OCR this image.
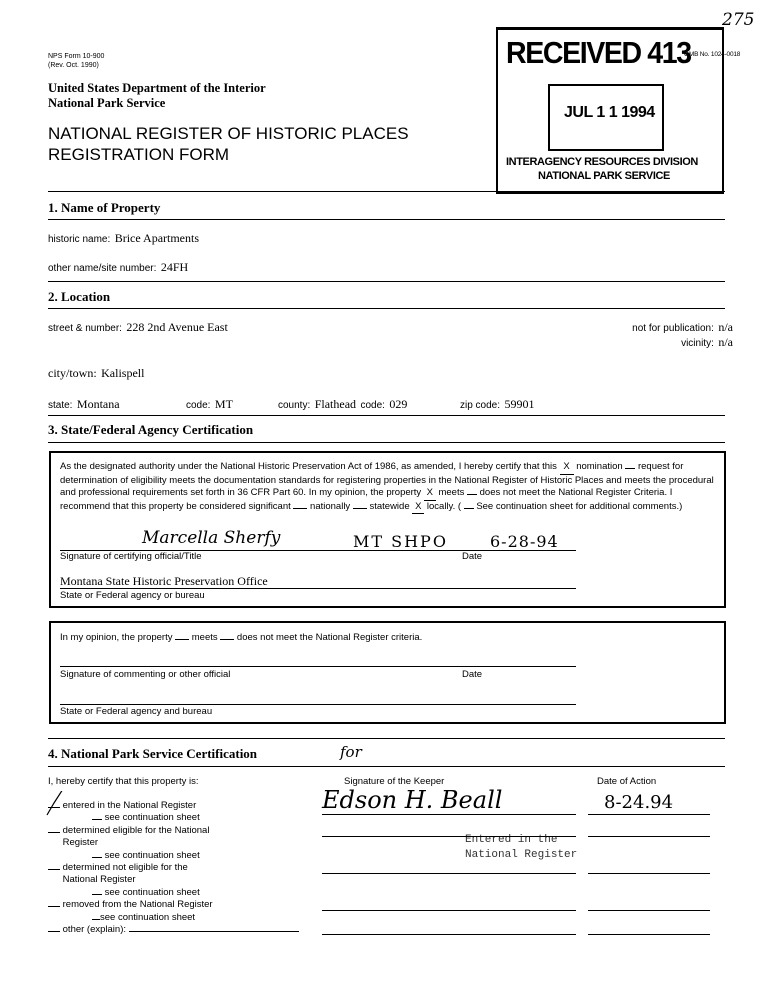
NPS Form 10-900
(Rev. Oct. 1990)
United States Department of the Interior
National Park Service
NATIONAL REGISTER OF HISTORIC PLACES
REGISTRATION FORM
275
OMB No. 1024-0018
RECEIVED 413
JUL 1 1 1994
INTERAGENCY RESOURCES DIVISION
NATIONAL PARK SERVICE
1. Name of Property
historic name: Brice Apartments
other name/site number: 24FH
2. Location
street & number: 228 2nd Avenue East	not for publication: n/a
vicinity: n/a
city/town: Kalispell
state: Montana	code: MT	county: Flathead code: 029	zip code: 59901
3. State/Federal Agency Certification
As the designated authority under the National Historic Preservation Act of 1986, as amended, I hereby certify that this X nomination request for determination of eligibility meets the documentation standards for registering properties in the National Register of Historic Places and meets the procedural and professional requirements set forth in 36 CFR Part 60. In my opinion, the property X meets does not meet the National Register Criteria. I recommend that this property be considered significant nationally statewide X locally. ( See continuation sheet for additional comments.)
Marcella Sherfy	MT SHPO	6-28-94
Signature of certifying official/Title	Date
Montana State Historic Preservation Office
State or Federal agency or bureau
In my opinion, the property meets does not meet the National Register criteria.
Signature of commenting or other official	Date
State or Federal agency and bureau
4. National Park Service Certification
I, hereby certify that this property is:
entered in the National Register
see continuation sheet
determined eligible for the National Register
see continuation sheet
determined not eligible for the National Register
see continuation sheet
removed from the National Register
see continuation sheet
other (explain):
for
Signature of the Keeper
Edson H. Beall
Date of Action
8-24.94
Entered in the
National Register
